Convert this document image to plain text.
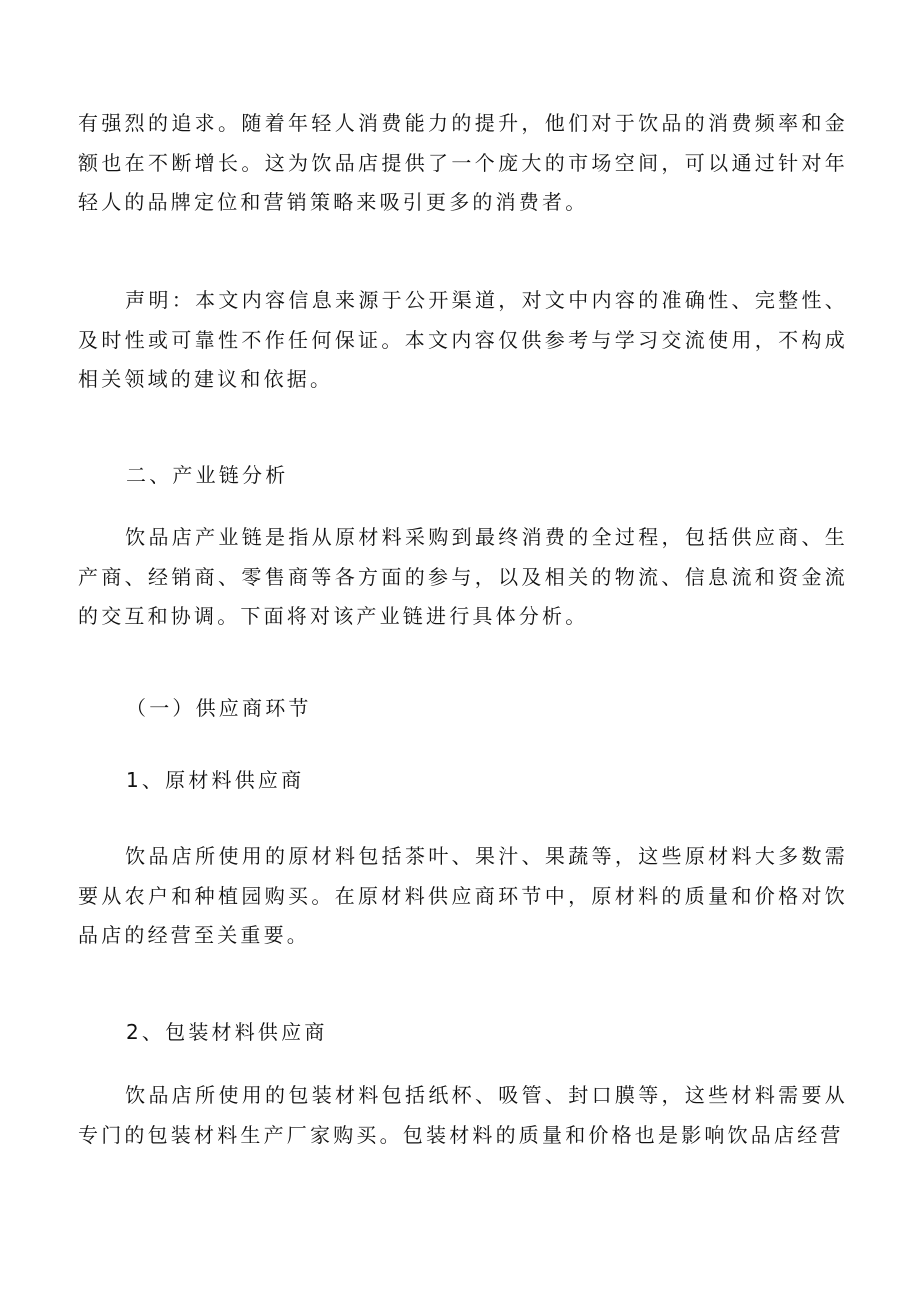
有强烈的追求。随着年轻人消费能力的提升，他们对于饮品的消费频率和金额也在不断增长。这为饮品店提供了一个庞大的市场空间，可以通过针对年轻人的品牌定位和营销策略来吸引更多的消费者。

声明：本文内容信息来源于公开渠道，对文中内容的准确性、完整性、及时性或可靠性不作任何保证。本文内容仅供参考与学习交流使用，不构成相关领域的建议和依据。

二、产业链分析

饮品店产业链是指从原材料采购到最终消费的全过程，包括供应商、生产商、经销商、零售商等各方面的参与，以及相关的物流、信息流和资金流的交互和协调。下面将对该产业链进行具体分析。

（一）供应商环节

1、原材料供应商

饮品店所使用的原材料包括茶叶、果汁、果蔬等，这些原材料大多数需要从农户和种植园购买。在原材料供应商环节中，原材料的质量和价格对饮品店的经营至关重要。

2、包装材料供应商

饮品店所使用的包装材料包括纸杯、吸管、封口膜等，这些材料需要从专门的包装材料生产厂家购买。包装材料的质量和价格也是影响饮品店经营
